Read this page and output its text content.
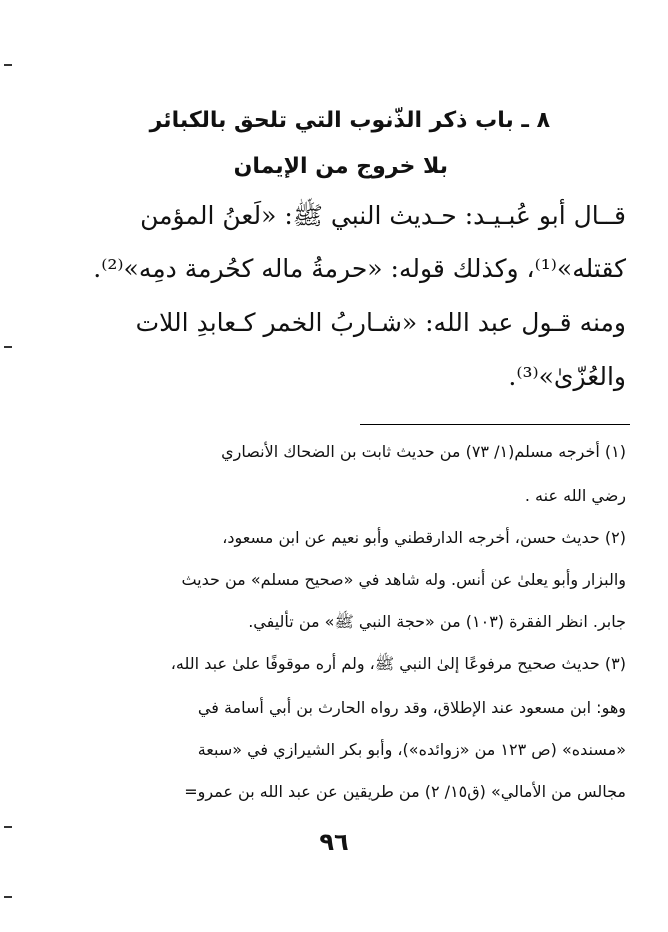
٨ ـ باب ذكر الذّنوب التي تلحق بالكبائر
بلا خروج من الإيمان
قــال أبو عُبـيـد: حـديث النبي ﷺ: «لَعنُ المؤمن
كقتله»⁽¹⁾، وكذلك قوله: «حرمةُ ماله كحُرمة دمِه»⁽²⁾.
ومنه قـول عبد الله: «شـاربُ الخمر كـعابدِ اللات
والعُزّىٰ»⁽³⁾.
(١) أخرجه مسلم(١/ ٧٣) من حديث ثابت بن الضحاك الأنصاري
رضي الله عنه .
(٢) حديث حسن، أخرجه الدارقطني وأبو نعيم عن ابن مسعود،
والبزار وأبو يعلىٰ عن أنس. وله شاهد في «صحيح مسلم» من حديث
جابر. انظر الفقرة (١٠٣) من «حجة النبي ﷺ» من تأليفي.
(٣) حديث صحيح مرفوعًا إلىٰ النبي ﷺ، ولم أره موقوفًا علىٰ عبد الله،
وهو: ابن مسعود عند الإطلاق، وقد رواه الحارث بن أبي أسامة في
«مسنده» (ص ١٢٣ من «زوائده»)، وأبو بكر الشيرازي في «سبعة
مجالس من الأمالي» (ق١٥/ ٢) من طريقين عن عبد الله بن عمرو=
٩٦
